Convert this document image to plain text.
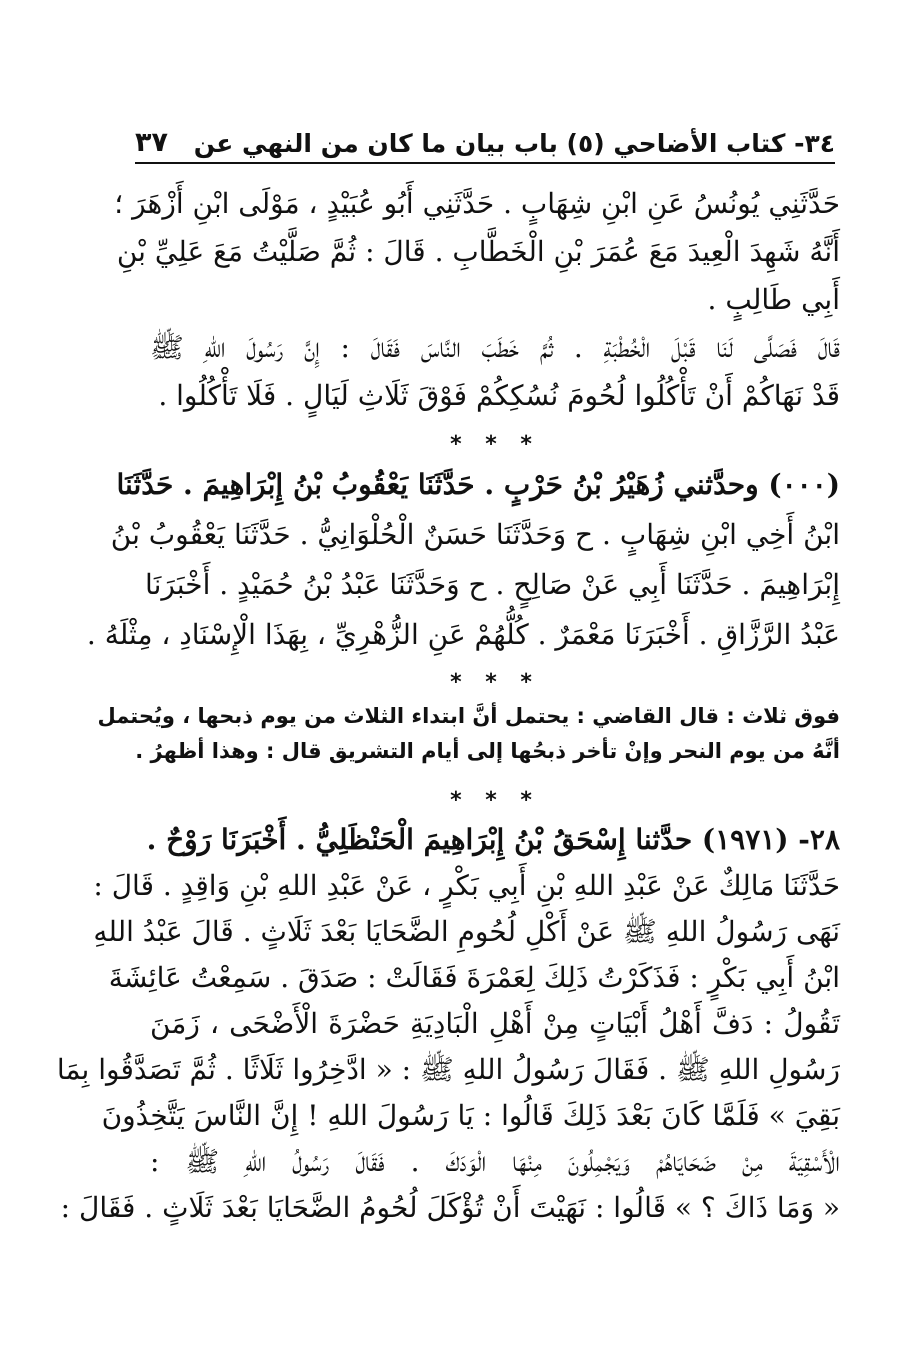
٣٤- كتاب الأضاحي (٥) باب بيان ما كان من النهي عن
٣٧
حَدَّثَنِي يُونُسُ عَنِ ابْنِ شِهَابٍ . حَدَّثَنِي أَبُو عُبَيْدٍ ، مَوْلَى ابْنِ أَزْهَرَ ؛
أَنَّهُ شَهِدَ الْعِيدَ مَعَ عُمَرَ بْنِ الْخَطَّابِ . قَالَ : ثُمَّ صَلَّيْتُ مَعَ عَلِيِّ بْنِ
أَبِي طَالِبٍ .
قَالَ فَصَلَّى لَنَا قَبْلَ الْخُطْبَةِ . ثُمَّ خَطَبَ النَّاسَ فَقَالَ : إِنَّ رَسُولَ اللهِ ﷺ
قَدْ نَهَاكُمْ أَنْ تَأْكُلُوا لُحُومَ نُسُكِكُمْ فَوْقَ ثَلَاثِ لَيَالٍ . فَلَا تَأْكُلُوا .
* * *
(٠٠٠) وحدَّثني زُهَيْرُ بْنُ حَرْبٍ . حَدَّثَنَا يَعْقُوبُ بْنُ إِبْرَاهِيمَ . حَدَّثَنَا
ابْنُ أَخِي ابْنِ شِهَابٍ . ح وَحَدَّثَنَا حَسَنٌ الْحُلْوَانِيُّ . حَدَّثَنَا يَعْقُوبُ بْنُ
إِبْرَاهِيمَ . حَدَّثَنَا أَبِي عَنْ صَالِحٍ . ح وَحَدَّثَنَا عَبْدُ بْنُ حُمَيْدٍ . أَخْبَرَنَا
عَبْدُ الرَّزَّاقِ . أَخْبَرَنَا مَعْمَرٌ . كُلُّهُمْ عَنِ الزُّهْرِيِّ ، بِهَذَا الْإِسْنَادِ ، مِثْلَهُ .
* * *
فوق ثلاث : قال القاضي : يحتمل أنَّ ابتداء الثلاث من يوم ذبحها ، ويُحتمل
أنَّهُ من يوم النحر وإنْ تأخر ذبحُها إلى أيام التشريق قال : وهذا أظهرُ .
* * *
٢٨- (١٩٧١) حدَّثنا إِسْحَقُ بْنُ إِبْرَاهِيمَ الْحَنْظَلِيُّ . أَخْبَرَنَا رَوْحٌ .
حَدَّثَنَا مَالِكٌ عَنْ عَبْدِ اللهِ بْنِ أَبِي بَكْرٍ ، عَنْ عَبْدِ اللهِ بْنِ وَاقِدٍ . قَالَ :
نَهَى رَسُولُ اللهِ ﷺ عَنْ أَكْلِ لُحُومِ الضَّحَايَا بَعْدَ ثَلَاثٍ . قَالَ عَبْدُ اللهِ
ابْنُ أَبِي بَكْرٍ : فَذَكَرْتُ ذَلِكَ لِعَمْرَةَ فَقَالَتْ : صَدَقَ . سَمِعْتُ عَائِشَةَ
تَقُولُ : دَفَّ أَهْلُ أَبْيَاتٍ مِنْ أَهْلِ الْبَادِيَةِ حَضْرَةَ الْأَضْحَى ، زَمَنَ
رَسُولِ اللهِ ﷺ . فَقَالَ رَسُولُ اللهِ ﷺ : « ادَّخِرُوا ثَلَاثًا . ثُمَّ تَصَدَّقُوا بِمَا
بَقِيَ » فَلَمَّا كَانَ بَعْدَ ذَلِكَ قَالُوا : يَا رَسُولَ اللهِ ! إِنَّ النَّاسَ يَتَّخِذُونَ
الْأَسْقِيَةَ مِنْ ضَحَايَاهُمْ وَيَجْمِلُونَ مِنْهَا الْوَدَكَ . فَقَالَ رَسُولُ اللهِ ﷺ :
« وَمَا ذَاكَ ؟ » قَالُوا : نَهَيْتَ أَنْ تُؤْكَلَ لُحُومُ الضَّحَايَا بَعْدَ ثَلَاثٍ . فَقَالَ :
